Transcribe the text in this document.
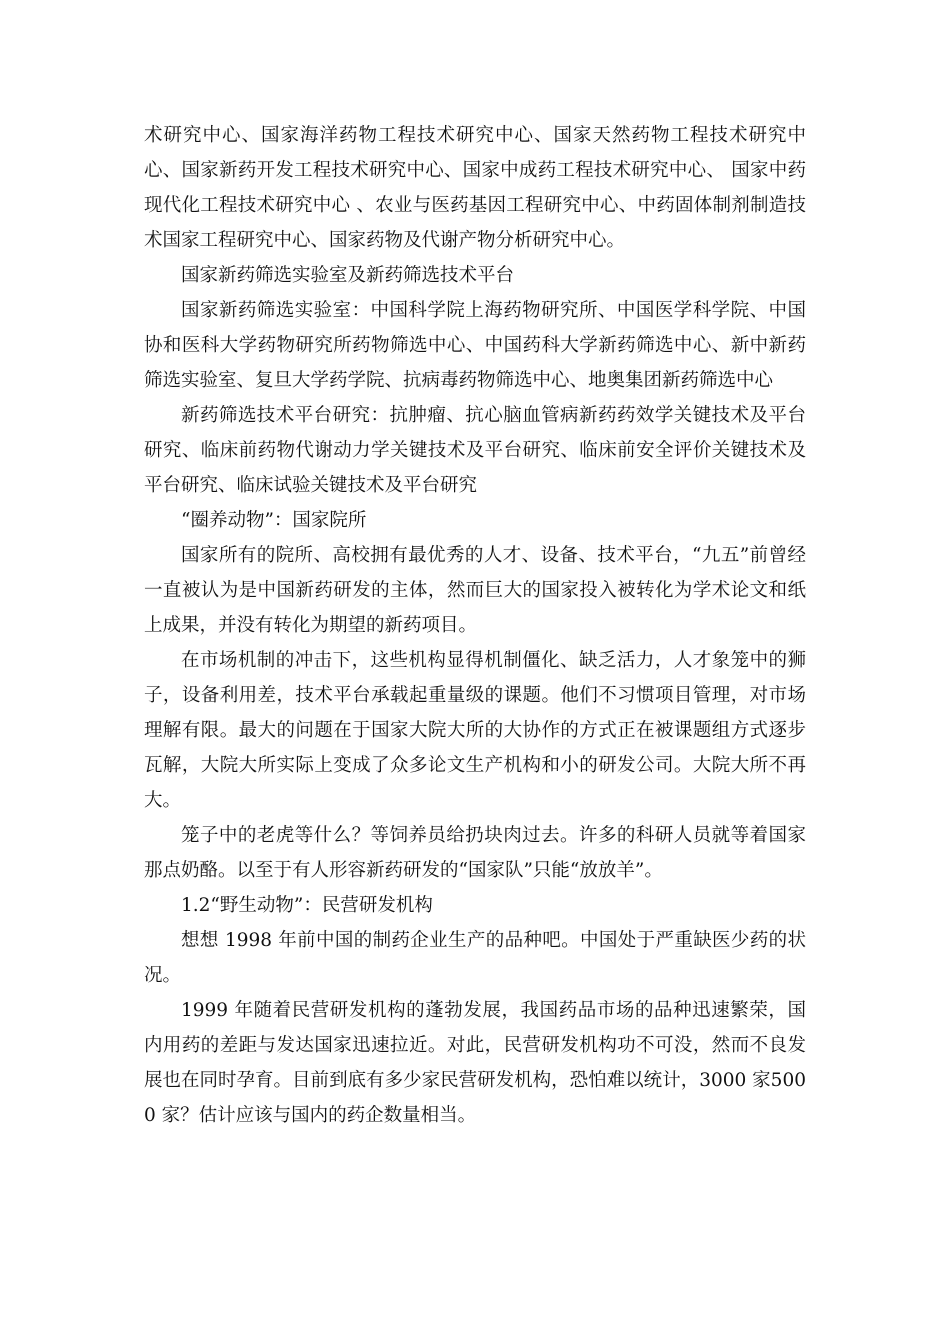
术研究中心、国家海洋药物工程技术研究中心、国家天然药物工程技术研究中心、国家新药开发工程技术研究中心、国家中成药工程技术研究中心、 国家中药现代化工程技术研究中心 、农业与医药基因工程研究中心、中药固体制剂制造技术国家工程研究中心、国家药物及代谢产物分析研究中心。

国家新药筛选实验室及新药筛选技术平台

国家新药筛选实验室：中国科学院上海药物研究所、中国医学科学院、中国协和医科大学药物研究所药物筛选中心、中国药科大学新药筛选中心、新中新药筛选实验室、复旦大学药学院、抗病毒药物筛选中心、地奥集团新药筛选中心

新药筛选技术平台研究：抗肿瘤、抗心脑血管病新药药效学关键技术及平台研究、临床前药物代谢动力学关键技术及平台研究、临床前安全评价关键技术及平台研究、临床试验关键技术及平台研究

“圈养动物”：国家院所

国家所有的院所、高校拥有最优秀的人才、设备、技术平台，“九五”前曾经一直被认为是中国新药研发的主体，然而巨大的国家投入被转化为学术论文和纸上成果，并没有转化为期望的新药项目。

在市场机制的冲击下，这些机构显得机制僵化、缺乏活力，人才象笼中的狮子，设备利用差，技术平台承载起重量级的课题。他们不习惯项目管理，对市场理解有限。最大的问题在于国家大院大所的大协作的方式正在被课题组方式逐步瓦解，大院大所实际上变成了众多论文生产机构和小的研发公司。大院大所不再大。

笼子中的老虎等什么？等饲养员给扔块肉过去。许多的科研人员就等着国家那点奶酪。以至于有人形容新药研发的“国家队”只能“放放羊”。

1.2“野生动物”：民营研发机构

想想 1998 年前中国的制药企业生产的品种吧。中国处于严重缺医少药的状况。

1999 年随着民营研发机构的蓬勃发展，我国药品市场的品种迅速繁荣，国内用药的差距与发达国家迅速拉近。对此，民营研发机构功不可没，然而不良发展也在同时孕育。目前到底有多少家民营研发机构，恐怕难以统计，3000 家5000 家？估计应该与国内的药企数量相当。
